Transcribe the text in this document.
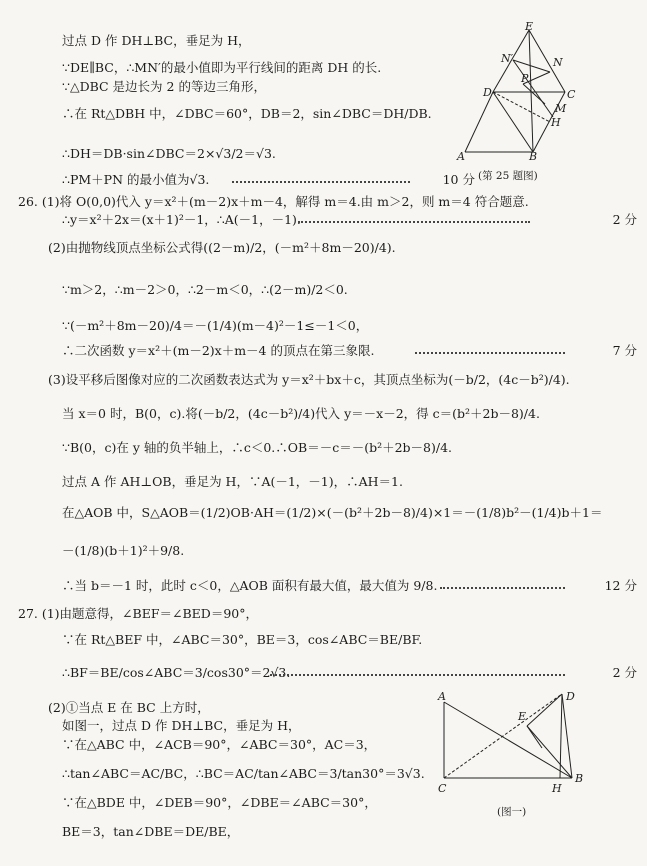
过点 D 作 DH⊥BC，垂足为 H，
∵DE∥BC，∴MN′的最小值即为平行线间的距离 DH 的长.
∵△DBC 是边长为 2 的等边三角形，
∴在 Rt△DBH 中，∠DBC＝60°，DB＝2，sin∠DBC＝DH/DB.
∴DH＝DB·sin∠DBC＝2×√3/2＝√3.
∴PM＋PN 的最小值为√3.	10 分
E
N′	N
P
D	C
M
H
A	B
(第 25 题图)
26. (1)将 O(0,0)代入 y＝x²＋(m－2)x＋m－4，解得 m＝4.由 m＞2，则 m＝4 符合题意.
∴y＝x²＋2x＝(x＋1)²－1，∴A(－1，－1).	2 分
(2)由抛物线顶点坐标公式得((2－m)/2，(－m²＋8m－20)/4).
∵m＞2，∴m－2＞0，∴2－m＜0，∴(2－m)/2＜0.
∵(－m²＋8m－20)/4＝－(1/4)(m－4)²－1≤－1＜0，
∴二次函数 y＝x²＋(m－2)x＋m－4 的顶点在第三象限.	7 分
(3)设平移后图像对应的二次函数表达式为 y＝x²＋bx＋c，其顶点坐标为(－b/2，(4c－b²)/4).
当 x＝0 时，B(0，c).将(－b/2，(4c－b²)/4)代入 y＝－x－2，得 c＝(b²＋2b－8)/4.
∵B(0，c)在 y 轴的负半轴上，∴c＜0.∴OB＝－c＝－(b²＋2b－8)/4.
过点 A 作 AH⊥OB，垂足为 H，∵A(－1，－1)，∴AH＝1.
在△AOB 中，S△AOB＝(1/2)OB·AH＝(1/2)×(－(b²＋2b－8)/4)×1＝－(1/8)b²－(1/4)b＋1＝
－(1/8)(b＋1)²＋9/8.
∴当 b＝－1 时，此时 c＜0，△AOB 面积有最大值，最大值为 9/8.	12 分
27. (1)由题意得，∠BEF＝∠BED＝90°，
∵在 Rt△BEF 中，∠ABC＝30°，BE＝3，cos∠ABC＝BE/BF.
∴BF＝BE/cos∠ABC＝3/cos30°＝2√3.	2 分
(2)①当点 E 在 BC 上方时，
如图一，过点 D 作 DH⊥BC，垂足为 H，
∵在△ABC 中，∠ACB＝90°，∠ABC＝30°，AC＝3，
∴tan∠ABC＝AC/BC，∴BC＝AC/tan∠ABC＝3/tan30°＝3√3.
∵在△BDE 中，∠DEB＝90°，∠DBE＝∠ABC＝30°，
BE＝3，tan∠DBE＝DE/BE，
A	D
E
C	H
B
(图一)
